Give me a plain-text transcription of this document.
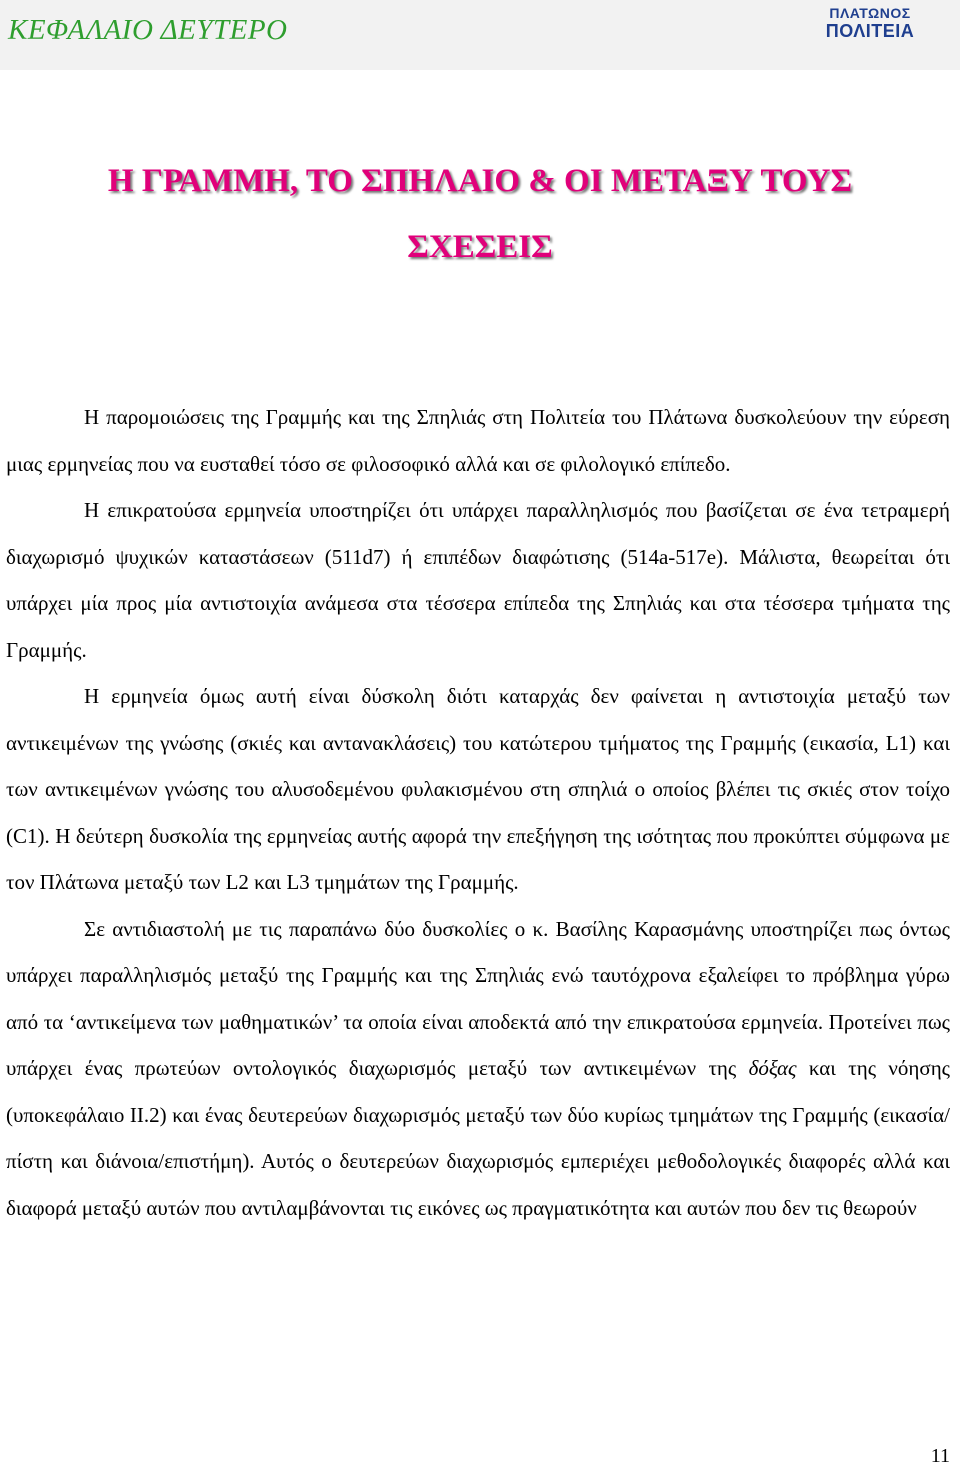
ΚΕΦΑΛΑΙΟ ΔΕΥΤΕΡΟ
ΠΛΑΤΩΝΟΣ
ΠΟΛΙΤΕΙΑ
Η ΓΡΑΜΜΗ, ΤΟ ΣΠΗΛΑΙΟ & ΟΙ ΜΕΤΑΞΥ ΤΟΥΣ
ΣΧΕΣΕΙΣ

Η παρομοιώσεις της Γραμμής και της Σπηλιάς στη Πολιτεία του Πλάτωνα δυσκολεύουν την εύρεση μιας ερμηνείας που να ευσταθεί τόσο σε φιλοσοφικό αλλά και σε φιλολογικό επίπεδο.

Η επικρατούσα ερμηνεία υποστηρίζει ότι υπάρχει παραλληλισμός που βασίζεται σε ένα τετραμερή διαχωρισμό ψυχικών καταστάσεων (511d7) ή επιπέδων διαφώτισης (514a-517e). Μάλιστα, θεωρείται ότι υπάρχει μία προς μία αντιστοιχία ανάμεσα στα τέσσερα επίπεδα της Σπηλιάς και στα τέσσερα τμήματα της Γραμμής.

Η ερμηνεία όμως αυτή είναι δύσκολη διότι καταρχάς δεν φαίνεται η αντιστοιχία μεταξύ των αντικειμένων της γνώσης (σκιές και αντανακλάσεις) του κατώτερου τμήματος της Γραμμής (εικασία, L1) και των αντικειμένων γνώσης του αλυσοδεμένου φυλακισμένου στη σπηλιά ο οποίος βλέπει τις σκιές στον τοίχο (C1). Η δεύτερη δυσκολία της ερμηνείας αυτής αφορά την επεξήγηση της ισότητας που προκύπτει σύμφωνα με τον Πλάτωνα μεταξύ των L2 και L3 τμημάτων της Γραμμής.

Σε αντιδιαστολή με τις παραπάνω δύο δυσκολίες ο κ. Βασίλης Καρασμάνης υποστηρίζει πως όντως υπάρχει παραλληλισμός μεταξύ της Γραμμής και της Σπηλιάς ενώ ταυτόχρονα εξαλείφει το πρόβλημα γύρω από τα ‘αντικείμενα των μαθηματικών’ τα οποία είναι αποδεκτά από την επικρατούσα ερμηνεία. Προτείνει πως υπάρχει ένας πρωτεύων οντολογικός διαχωρισμός μεταξύ των αντικειμένων της δόξας και της νόησης (υποκεφάλαιο ΙΙ.2) και ένας δευτερεύων διαχωρισμός μεταξύ των δύο κυρίως τμημάτων της Γραμμής (εικασία/πίστη και διάνοια/επιστήμη). Αυτός ο δευτερεύων διαχωρισμός εμπεριέχει μεθοδολογικές διαφορές αλλά και διαφορά μεταξύ αυτών που αντιλαμβάνονται τις εικόνες ως πραγματικότητα και αυτών που δεν τις θεωρούν

11
